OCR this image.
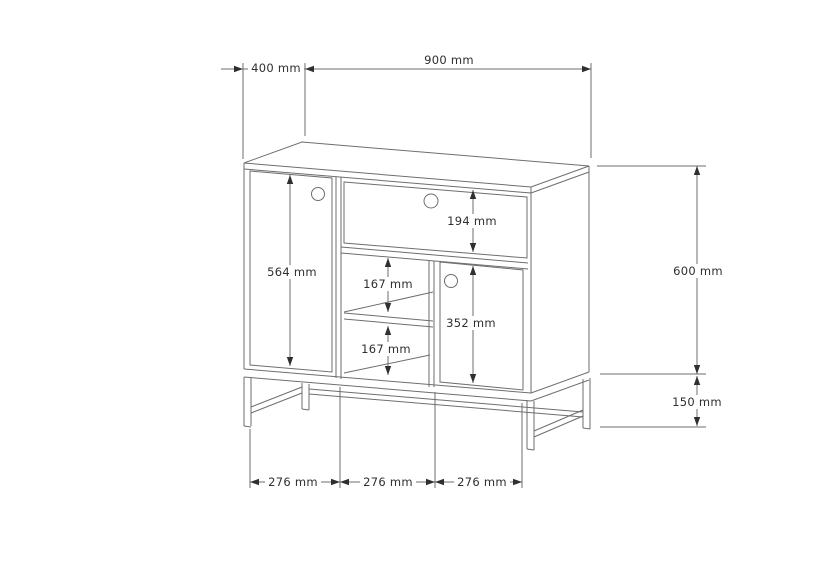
400 mm
900 mm
600 mm
150 mm
564 mm
194 mm
167 mm
167 mm
352 mm
276 mm	276 mm	276 mm
